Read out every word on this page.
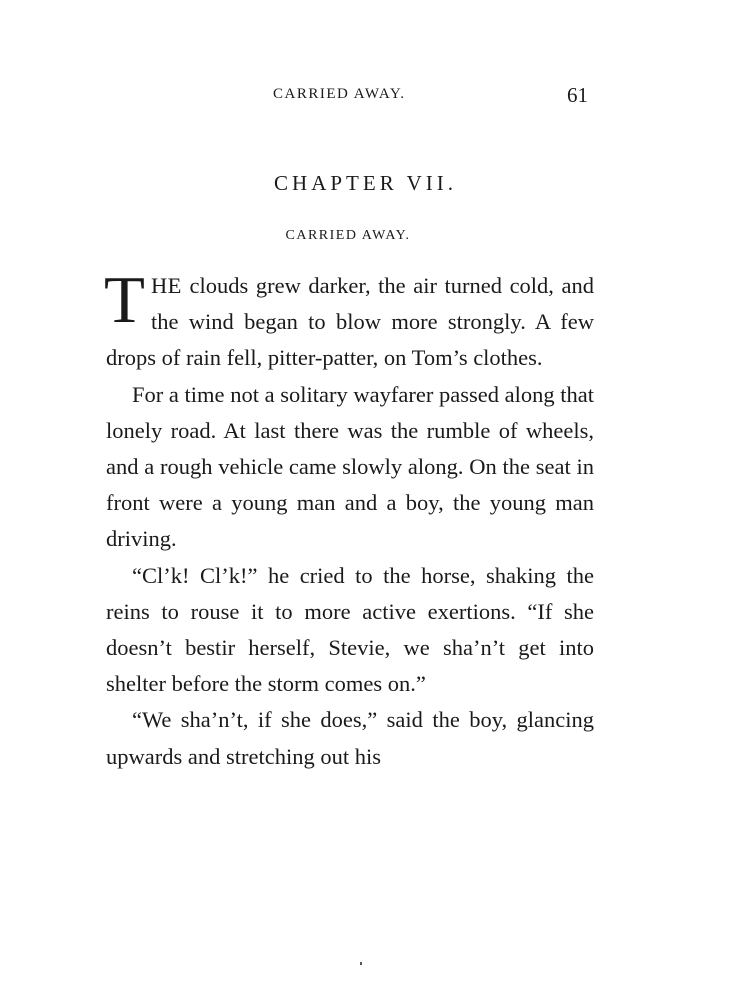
CARRIED AWAY.	61
CHAPTER VII.
CARRIED AWAY.

THE clouds grew darker, the air turned cold, and the wind began to blow more strongly. A few drops of rain fell, pitter-patter, on Tom’s clothes.

For a time not a solitary wayfarer passed along that lonely road. At last there was the rumble of wheels, and a rough vehicle came slowly along. On the seat in front were a young man and a boy, the young man driving.

“Cl’k! Cl’k!” he cried to the horse, shaking the reins to rouse it to more active exertions. “If she doesn’t bestir herself, Stevie, we sha’n’t get into shelter before the storm comes on.”

“We sha’n’t, if she does,” said the boy, glancing upwards and stretching out his
